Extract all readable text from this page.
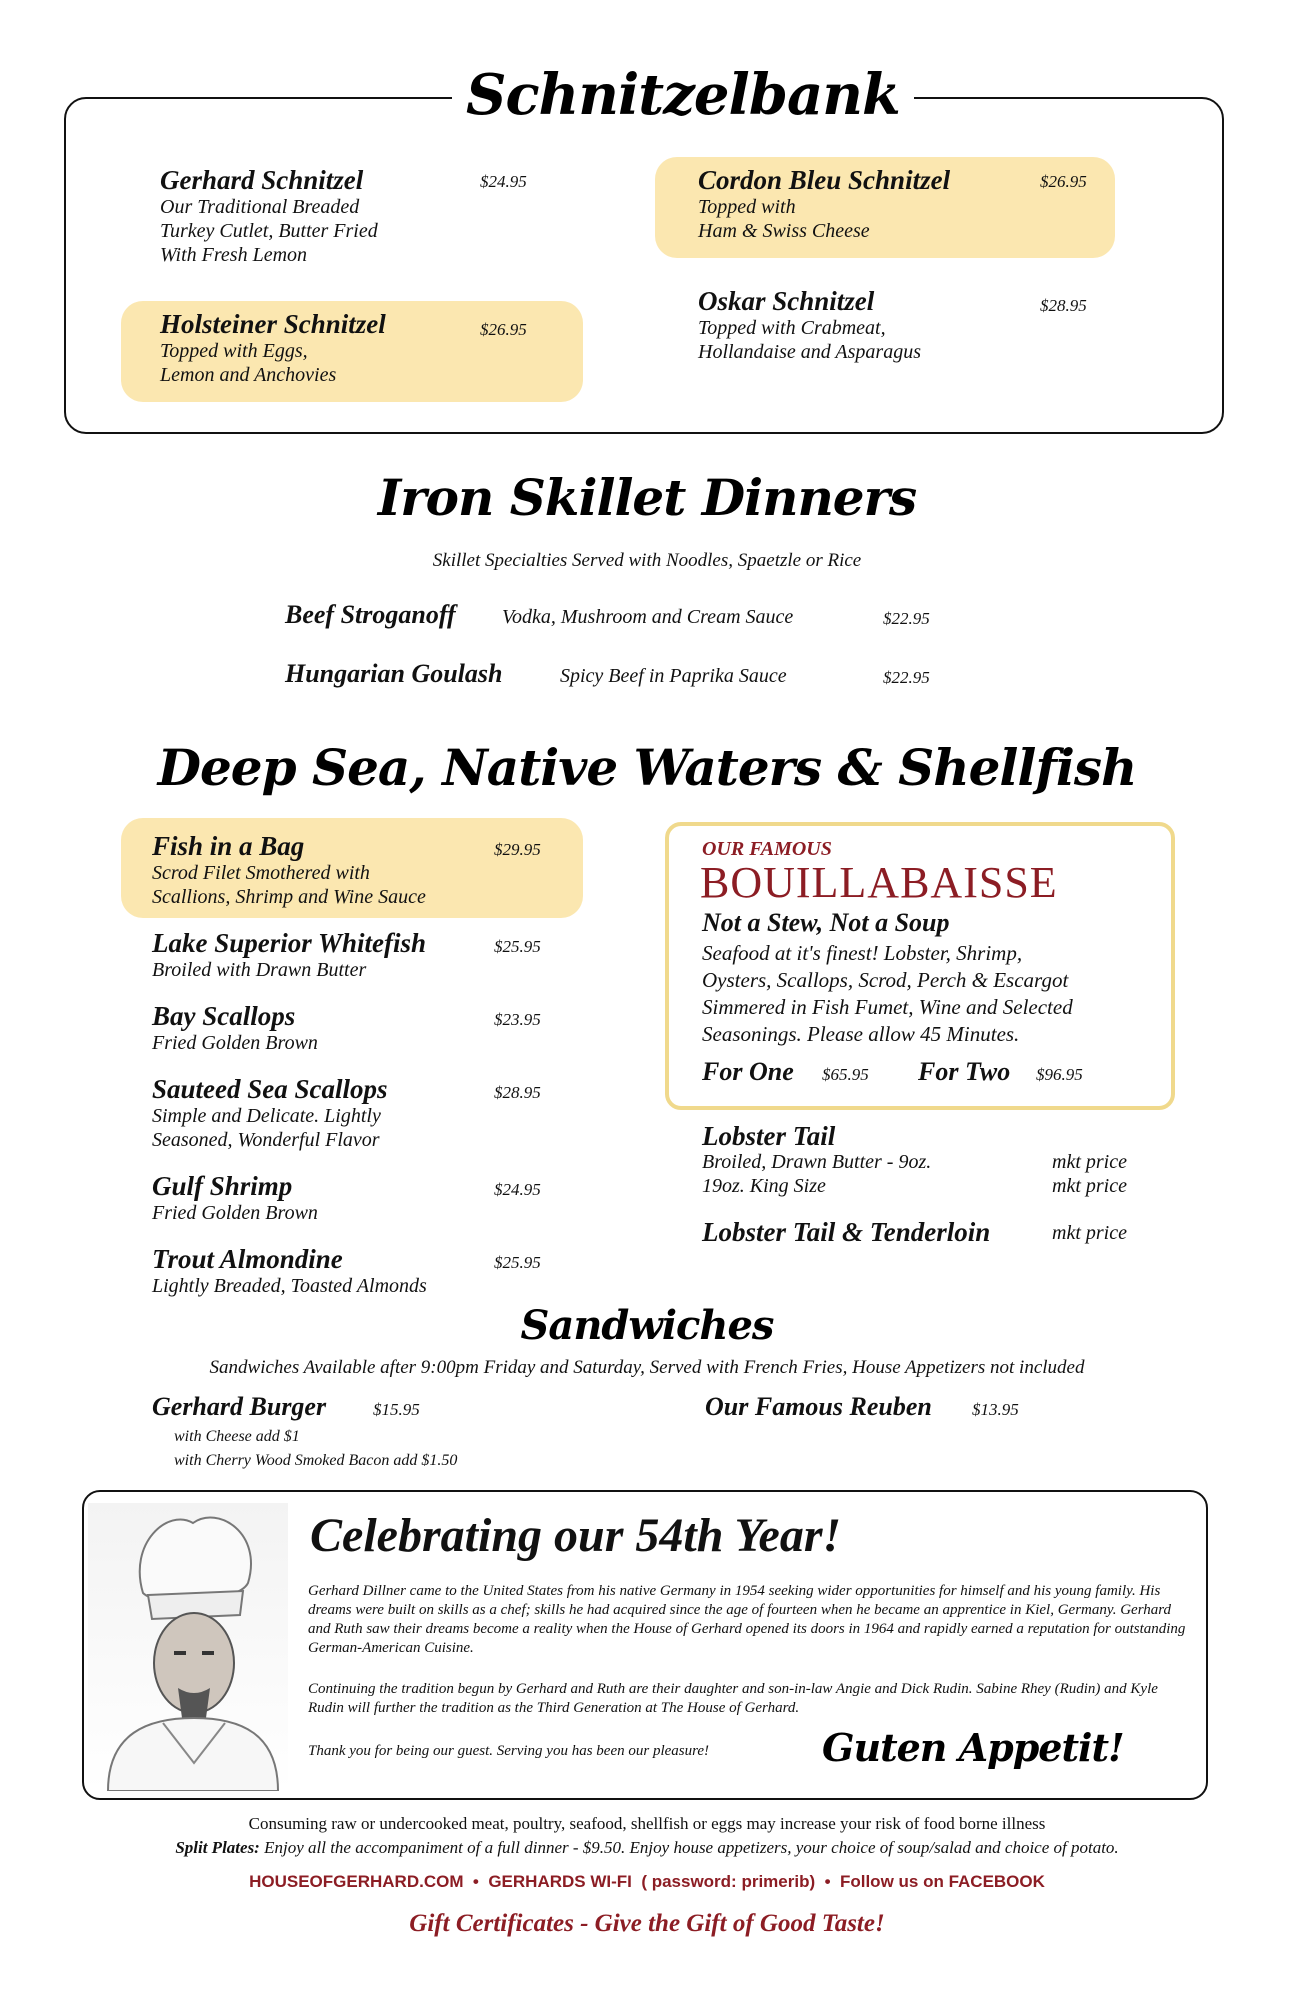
Schnitzelbank
Gerhard Schnitzel
Our Traditional Breaded
Turkey Cutlet, Butter Fried
With Fresh Lemon
$24.95	Cordon Bleu Schnitzel
Topped with
Ham & Swiss Cheese
$26.95
Holsteiner Schnitzel
Topped with Eggs,
Lemon and Anchovies
$26.95
Oskar Schnitzel
Topped with Crabmeat,
Hollandaise and Asparagus
$28.95
Iron Skillet Dinners
Skillet Specialties Served with Noodles, Spaetzle or Rice
Beef Stroganoff Vodka, Mushroom and Cream Sauce	$22.95
Hungarian Goulash	Spicy Beef in Paprika Sauce	$22.95
Deep Sea, Native Waters & Shellfish
Fish in a Bag
Scrod Filet Smothered with
Scallions, Shrimp and Wine Sauce
$29.95
Lake Superior Whitefish
Broiled with Drawn Butter
$25.95
Bay Scallops
Fried Golden Brown
$23.95
Sauteed Sea Scallops
Simple and Delicate. Lightly
Seasoned, Wonderful Flavor
$28.95
Gulf Shrimp
Fried Golden Brown
$24.95
Trout Almondine
Lightly Breaded, Toasted Almonds
$25.95
OUR FAMOUS
BOUILLABAISSE
Not a Stew, Not a Soup
Seafood at it's finest! Lobster, Shrimp,
Oysters, Scallops, Scrod, Perch & Escargot
Simmered in Fish Fumet, Wine and Selected
Seasonings. Please allow 45 Minutes.
For One $65.95 For Two $96.95
Lobster Tail
Broiled, Drawn Butter - 9oz.	mkt price
19oz. King Size	mkt price
Lobster Tail & Tenderloin	mkt price
Sandwiches
Sandwiches Available after 9:00pm Friday and Saturday, Served with French Fries, House Appetizers not included
Gerhard Burger	$15.95
with Cheese add $1
with Cherry Wood Smoked Bacon add $1.50
Our Famous Reuben $13.95
Celebrating our 54th Year!
Gerhard Dillner came to the United States from his native Germany in 1954 seeking wider opportunities for himself and his young family. His dreams were built on skills as a chef; skills he had acquired since the age of fourteen when he became an apprentice in Kiel, Germany. Gerhard and Ruth saw their dreams become a reality when the House of Gerhard opened its doors in 1964 and rapidly earned a reputation for outstanding German-American Cuisine.
Continuing the tradition begun by Gerhard and Ruth are their daughter and son-in-law Angie and Dick Rudin. Sabine Rhey (Rudin) and Kyle Rudin will further the tradition as the Third Generation at The House of Gerhard.
Thank you for being our guest. Serving you has been our pleasure!	Guten Appetit!
Consuming raw or undercooked meat, poultry, seafood, shellfish or eggs may increase your risk of food borne illness
Split Plates: Enjoy all the accompaniment of a full dinner - $9.50. Enjoy house appetizers, your choice of soup/salad and choice of potato.
HOUSEOFGERHARD.COM  •  GERHARDS WI-FI  ( password: primerib)  •  Follow us on FACEBOOK
Gift Certificates - Give the Gift of Good Taste!
